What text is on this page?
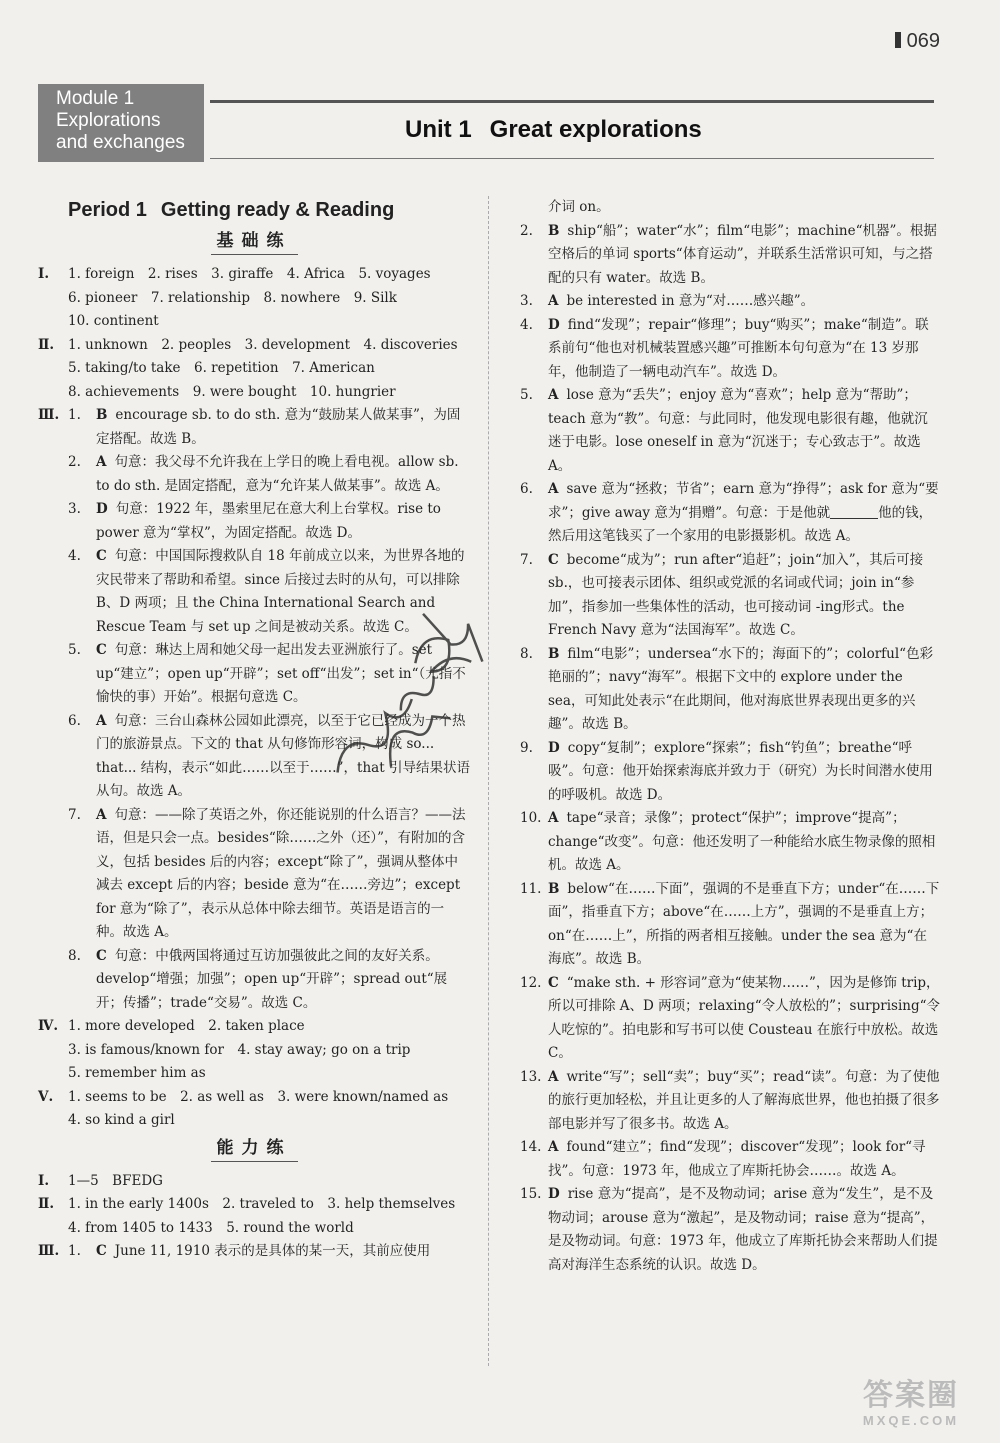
069
Module 1
Explorations
and exchanges	Unit 1 Great explorations
Period 1 Getting ready & Reading
基础练
Ⅰ. 1. foreign　2. rises　3. giraffe　4. Africa　5. voyages
6. pioneer　7. relationship　8. nowhere　9. Silk
10. continent
Ⅱ. 1. unknown　2. peoples　3. development　4. discoveries
5. taking/to take　6. repetition　7. American
8. achievements　9. were bought　10. hungrier
Ⅲ. 1. B encourage sb. to do sth. 意为“鼓励某人做某事”，为固定搭配。故选 B。
2. A 句意：我父母不允许我在上学日的晚上看电视。allow sb. to do sth. 是固定搭配，意为“允许某人做某事”。故选 A。
3. D 句意：1922 年，墨索里尼在意大利上台掌权。rise to power 意为“掌权”，为固定搭配。故选 D。
4. C 句意：中国国际搜救队自 18 年前成立以来，为世界各地的灾民带来了帮助和希望。since 后接过去时的从句，可以排除 B、D 两项；且 the China International Search and Rescue Team 与 set up 之间是被动关系。故选 C。
5. C 句意：琳达上周和她父母一起出发去亚洲旅行了。set up“建立”；open up“开辟”；set off“出发”；set in“（尤指不愉快的事）开始”。根据句意选 C。
6. A 句意：三台山森林公园如此漂亮，以至于它已经成为一个热门的旅游景点。下文的 that 从句修饰形容词，构成 so... that... 结构，表示“如此……以至于……”，that 引导结果状语从句。故选 A。
7. A 句意：——除了英语之外，你还能说别的什么语言？——法语，但是只会一点。besides“除……之外（还）”，有附加的含义，包括 besides 后的内容；except“除了”，强调从整体中减去 except 后的内容；beside 意为“在……旁边”；except for 意为“除了”，表示从总体中除去细节。英语是语言的一种。故选 A。
8. C 句意：中俄两国将通过互访加强彼此之间的友好关系。develop“增强；加强”；open up“开辟”；spread out“展开；传播”；trade“交易”。故选 C。
Ⅳ. 1. more developed　2. taken place
3. is famous/known for　4. stay away; go on a trip
5. remember him as
Ⅴ. 1. seems to be　2. as well as　3. were known/named as
4. so kind a girl
能力练
Ⅰ. 1—5　BFEDG
Ⅱ. 1. in the early 1400s　2. traveled to　3. help themselves
4. from 1405 to 1433　5. round the world
Ⅲ. 1. C June 11, 1910 表示的是具体的某一天，其前应使用
介词 on。
2. B ship“船”；water“水”；film“电影”；machine“机器”。根据空格后的单词 sports“体育运动”，并联系生活常识可知，与之搭配的只有 water。故选 B。
3. A be interested in 意为“对……感兴趣”。
4. D find“发现”；repair“修理”；buy“购买”；make“制造”。联系前句“他也对机械装置感兴趣”可推断本句句意为“在 13 岁那年，他制造了一辆电动汽车”。故选 D。
5. A lose 意为“丢失”；enjoy 意为“喜欢”；help 意为“帮助”；teach 意为“教”。句意：与此同时，他发现电影很有趣，他就沉迷于电影。lose oneself in 意为“沉迷于；专心致志于”。故选 A。
6. A save 意为“拯救；节省”；earn 意为“挣得”；ask for 意为“要求”；give away 意为“捐赠”。句意：于是他就	他的钱，然后用这笔钱买了一个家用的电影摄影机。故选 A。
7. C become“成为”；run after“追赶”；join“加入”，其后可接 sb.，也可接表示团体、组织或党派的名词或代词；join in“参加”，指参加一些集体性的活动，也可接动词 -ing形式。the French Navy 意为“法国海军”。故选 C。
8. B film“电影”；undersea“水下的；海面下的”；colorful“色彩艳丽的”；navy“海军”。根据下文中的 explore under the sea，可知此处表示“在此期间，他对海底世界表现出更多的兴趣”。故选 B。
9. D copy“复制”；explore“探索”；fish“钓鱼”；breathe“呼吸”。句意：他开始探索海底并致力于（研究）为长时间潜水使用的呼吸机。故选 D。
10. A tape“录音；录像”；protect“保护”；improve“提高”；change“改变”。句意：他还发明了一种能给水底生物录像的照相机。故选 A。
11. B below“在……下面”，强调的不是垂直下方；under“在……下面”，指垂直下方；above“在……上方”，强调的不是垂直上方；on“在……上”，所指的两者相互接触。under the sea 意为“在海底”。故选 B。
12. C “make sth. + 形容词”意为“使某物……”，因为是修饰 trip，所以可排除 A、D 两项；relaxing“令人放松的”；surprising“令人吃惊的”。拍电影和写书可以使 Cousteau 在旅行中放松。故选 C。
13. A write“写”；sell“卖”；buy“买”；read“读”。句意：为了使他的旅行更加轻松，并且让更多的人了解海底世界，他也拍摄了很多部电影并写了很多书。故选 A。
14. A found“建立”；find“发现”；discover“发现”；look for“寻找”。句意：1973 年，他成立了库斯托协会……。故选 A。
15. D rise 意为“提高”，是不及物动词；arise 意为“发生”，是不及物动词；arouse 意为“激起”，是及物动词；raise 意为“提高”，是及物动词。句意：1973 年，他成立了库斯托协会来帮助人们提高对海洋生态系统的认识。故选 D。
答案圈
MXQE.COM
